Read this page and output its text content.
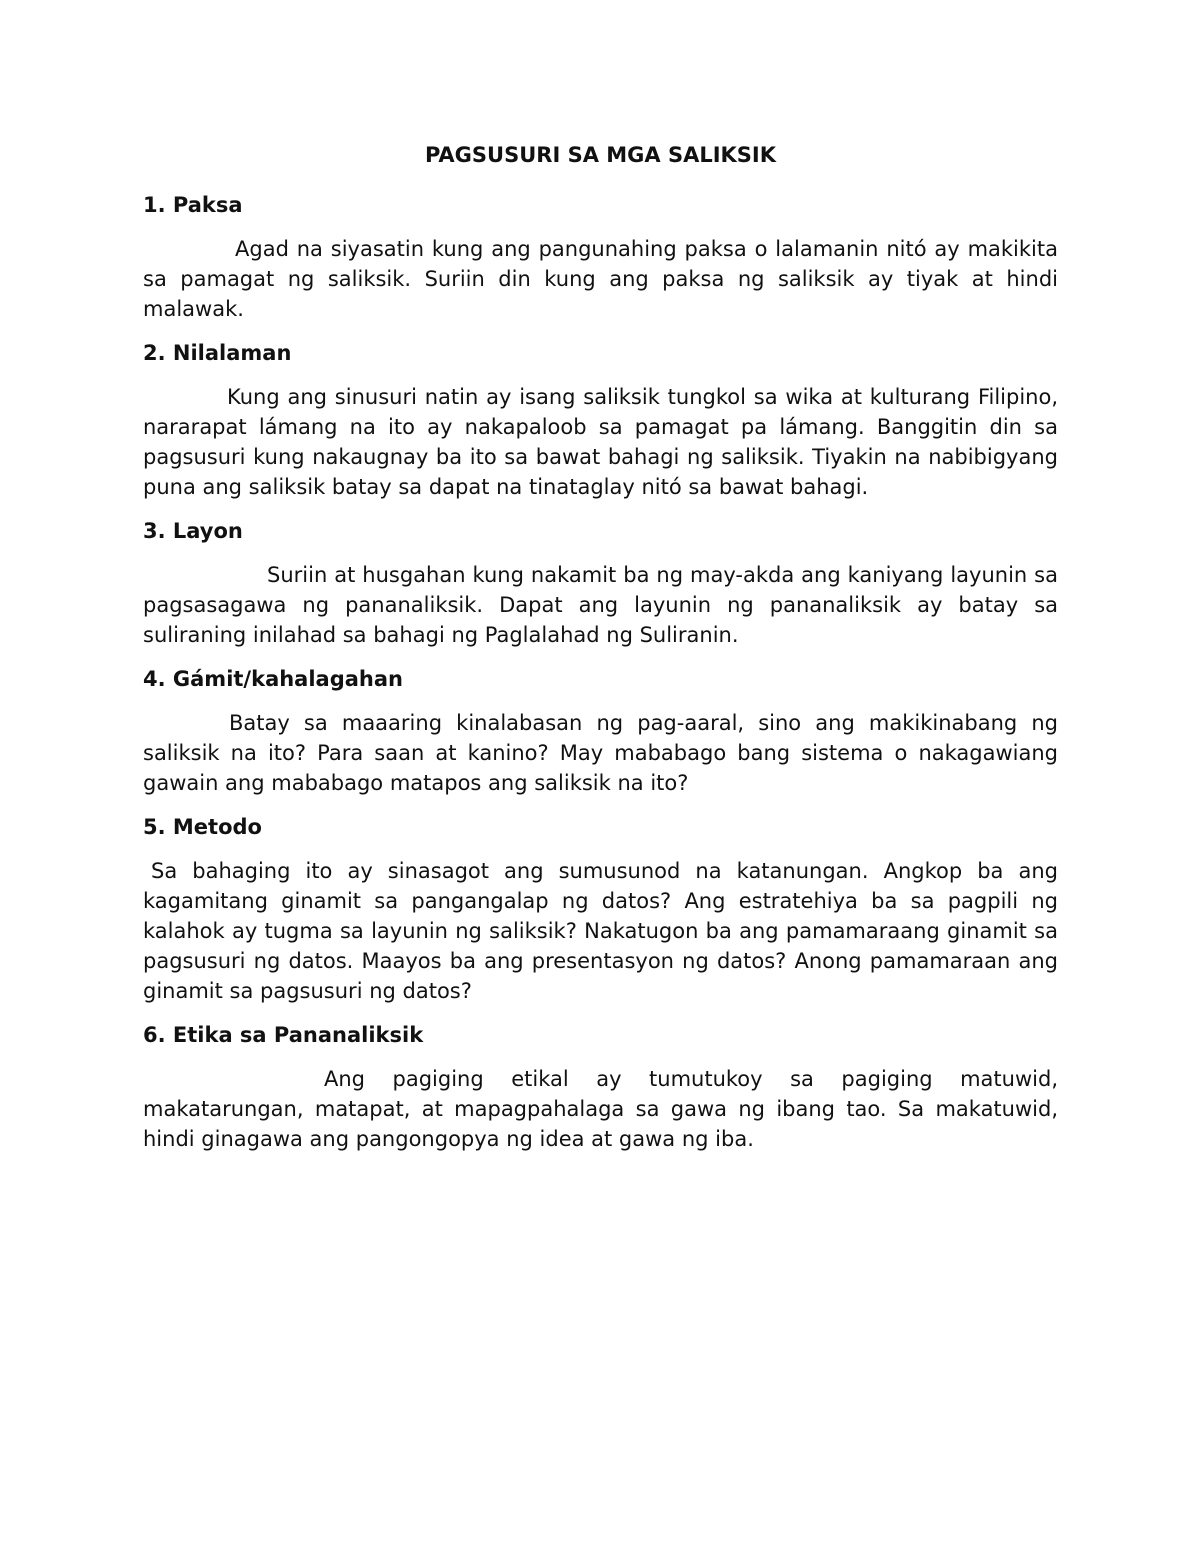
PAGSUSURI SA MGA SALIKSIK
1. Paksa

Agad na siyasatin kung ang pangunahing paksa o lalamanin nitó ay makikita sa pamagat ng saliksik. Suriin din kung ang paksa ng saliksik ay tiyak at hindi malawak.

2. Nilalaman

Kung ang sinusuri natin ay isang saliksik tungkol sa wika at kulturang Filipino, nararapat lámang na ito ay nakapaloob sa pamagat pa lámang. Banggitin din sa pagsusuri kung nakaugnay ba ito sa bawat bahagi ng saliksik. Tiyakin na nabibigyang puna ang saliksik batay sa dapat na tinataglay nitó sa bawat bahagi.

3. Layon

Suriin at husgahan kung nakamit ba ng may-akda ang kaniyang layunin sa pagsasagawa ng pananaliksik. Dapat ang layunin ng pananaliksik ay batay sa suliraning inilahad sa bahagi ng Paglalahad ng Suliranin.

4. Gámit/kahalagahan

Batay sa maaaring kinalabasan ng pag-aaral, sino ang makikinabang ng saliksik na ito? Para saan at kanino? May mababago bang sistema o nakagawiang gawain ang mababago matapos ang saliksik na ito?

5. Metodo

Sa bahaging ito ay sinasagot ang sumusunod na katanungan. Angkop ba ang kagamitang ginamit sa pangangalap ng datos? Ang estratehiya ba sa pagpili ng kalahok ay tugma sa layunin ng saliksik? Nakatugon ba ang pamamaraang ginamit sa pagsusuri ng datos. Maayos ba ang presentasyon ng datos? Anong pamamaraan ang ginamit sa pagsusuri ng datos?

6. Etika sa Pananaliksik

Ang pagiging etikal ay tumutukoy sa pagiging matuwid, makatarungan, matapat, at mapagpahalaga sa gawa ng ibang tao. Sa makatuwid, hindi ginagawa ang pangongopya ng idea at gawa ng iba.
